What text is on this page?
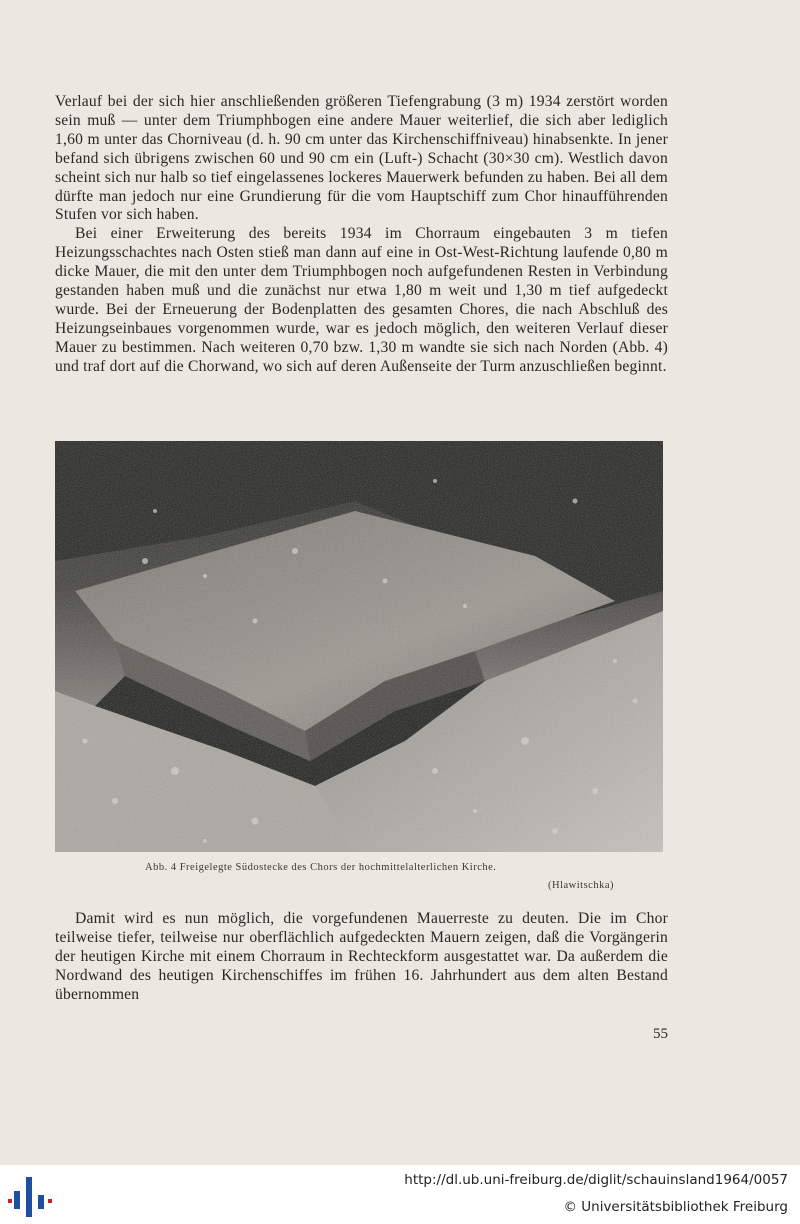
Verlauf bei der sich hier anschließenden größeren Tiefengrabung (3 m) 1934 zerstört worden sein muß — unter dem Triumphbogen eine andere Mauer weiterlief, die sich aber lediglich 1,60 m unter das Chorniveau (d. h. 90 cm unter das Kirchenschiffniveau) hinabsenkte. In jener befand sich übrigens zwischen 60 und 90 cm ein (Luft-) Schacht (30×30 cm). Westlich davon scheint sich nur halb so tief eingelassenes lockeres Mauerwerk befunden zu haben. Bei all dem dürfte man jedoch nur eine Grundierung für die vom Hauptschiff zum Chor hinaufführenden Stufen vor sich haben.

Bei einer Erweiterung des bereits 1934 im Chorraum eingebauten 3 m tiefen Heizungsschachtes nach Osten stieß man dann auf eine in Ost-West-Richtung laufende 0,80 m dicke Mauer, die mit den unter dem Triumphbogen noch aufgefundenen Resten in Verbindung gestanden haben muß und die zunächst nur etwa 1,80 m weit und 1,30 m tief aufgedeckt wurde. Bei der Erneuerung der Bodenplatten des gesamten Chores, die nach Abschluß des Heizungseinbaues vorgenommen wurde, war es jedoch möglich, den weiteren Verlauf dieser Mauer zu bestimmen. Nach weiteren 0,70 bzw. 1,30 m wandte sie sich nach Norden (Abb. 4) und traf dort auf die Chorwand, wo sich auf deren Außenseite der Turm anzuschließen beginnt.

Abb. 4 Freigelegte Südostecke des Chors der hochmittelalterlichen Kirche.
(Hlawitschka)

Damit wird es nun möglich, die vorgefundenen Mauerreste zu deuten. Die im Chor teilweise tiefer, teilweise nur oberflächlich aufgedeckten Mauern zeigen, daß die Vorgängerin der heutigen Kirche mit einem Chorraum in Rechteckform ausgestattet war. Da außerdem die Nordwand des heutigen Kirchenschiffes im frühen 16. Jahrhundert aus dem alten Bestand übernommen

55
http://dl.ub.uni-freiburg.de/diglit/schauinsland1964/0057
© Universitätsbibliothek Freiburg
